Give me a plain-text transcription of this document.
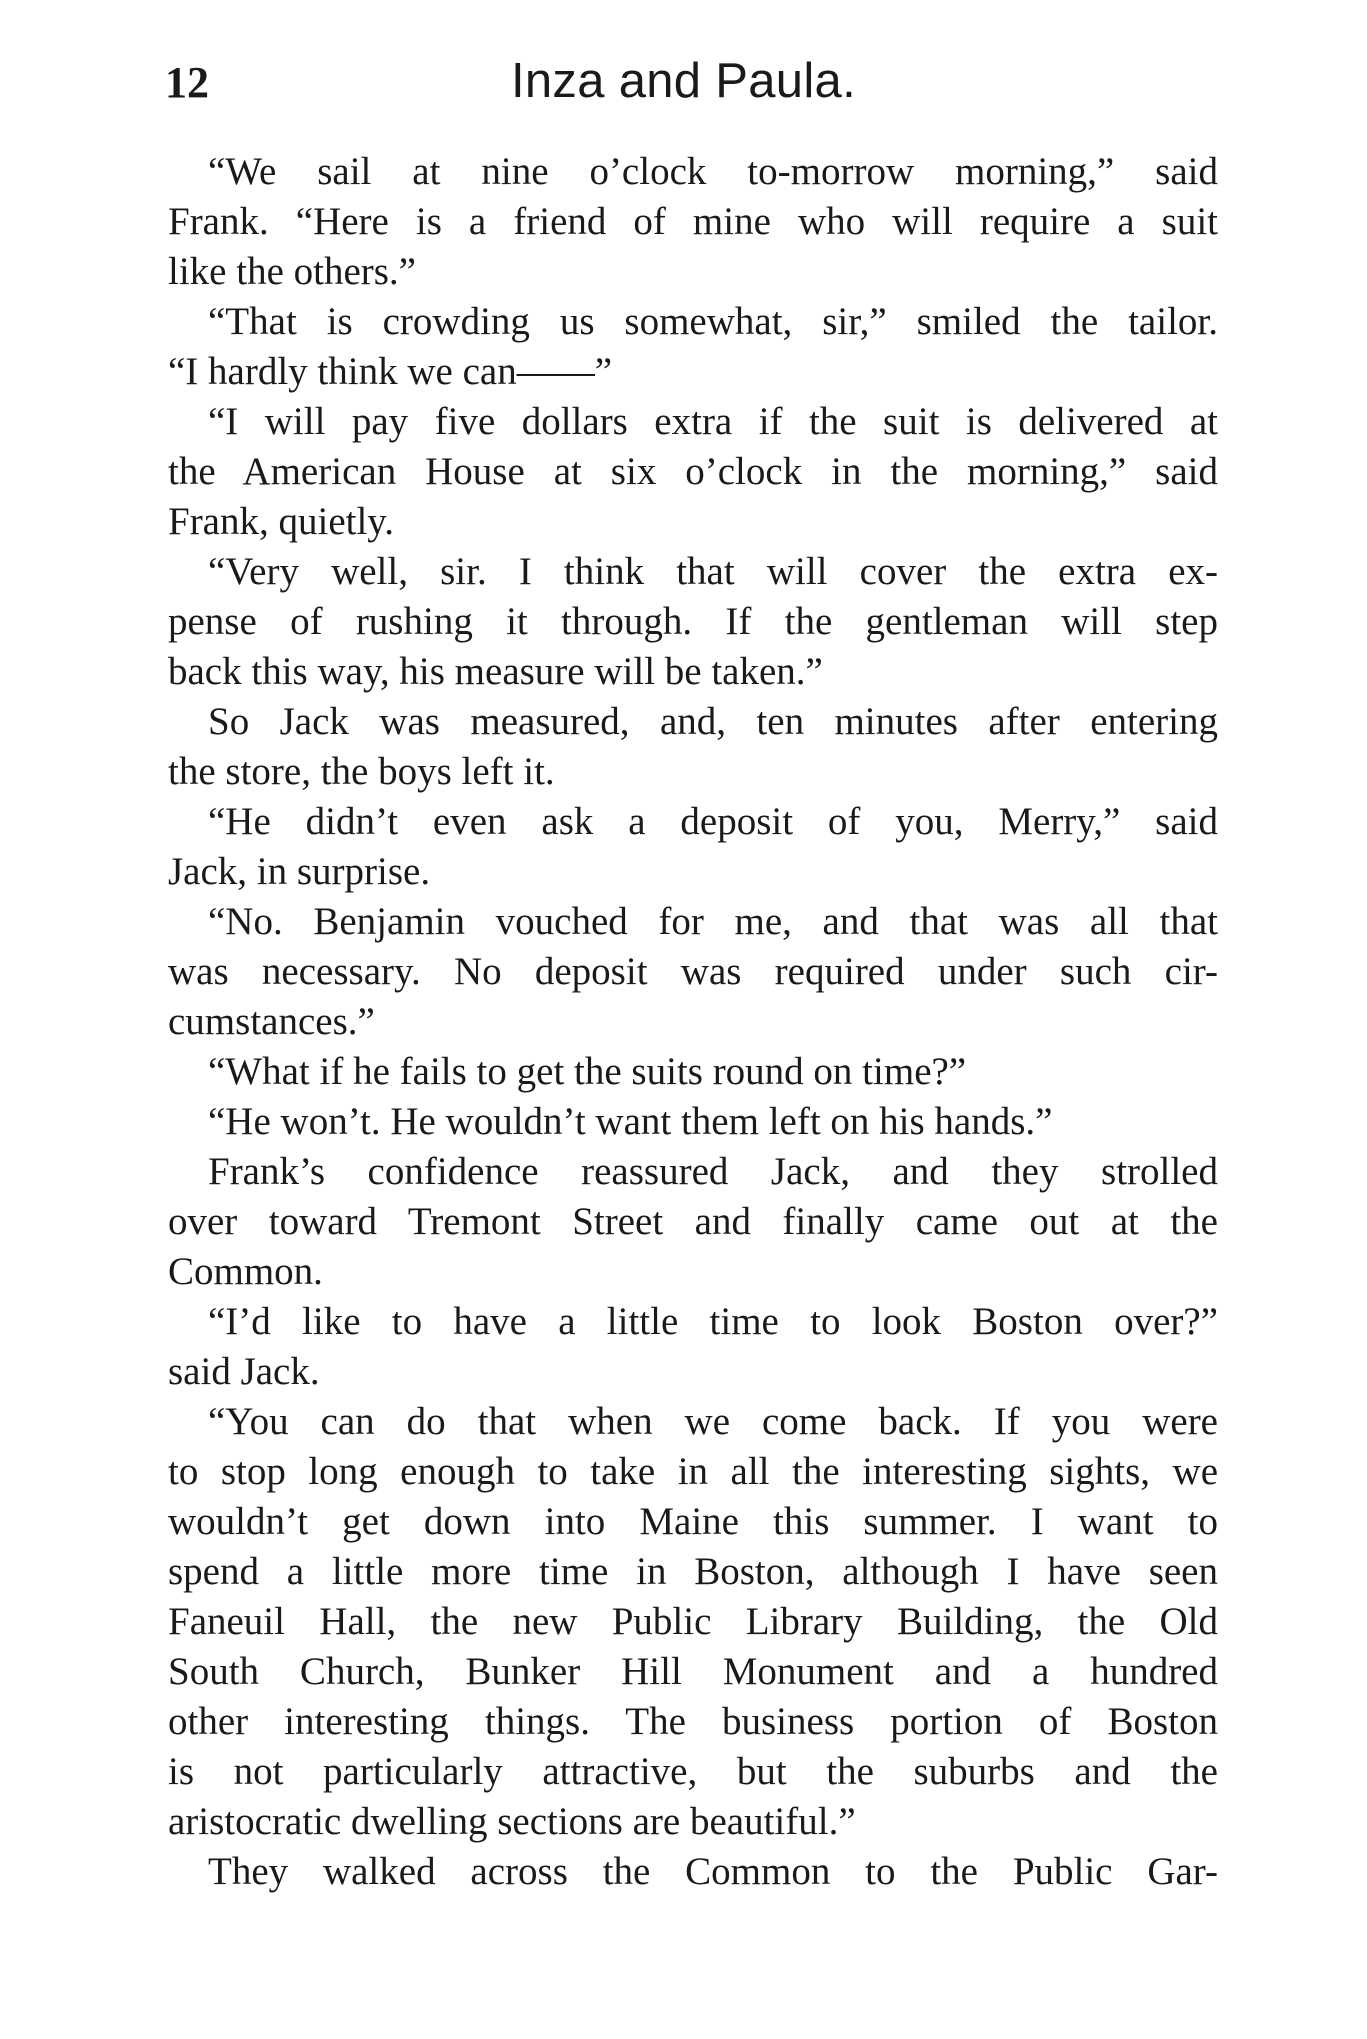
12	Inza and Paula.
“We sail at nine o’clock to-morrow morning,” said
Frank. “Here is a friend of mine who will require a suit
like the others.”
“That is crowding us somewhat, sir,” smiled the tailor.
“I hardly think we can——”
“I will pay five dollars extra if the suit is delivered at
the American House at six o’clock in the morning,” said
Frank, quietly.
“Very well, sir. I think that will cover the extra ex-
pense of rushing it through. If the gentleman will step
back this way, his measure will be taken.”
So Jack was measured, and, ten minutes after entering
the store, the boys left it.
“He didn’t even ask a deposit of you, Merry,” said
Jack, in surprise.
“No. Benjamin vouched for me, and that was all that
was necessary. No deposit was required under such cir-
cumstances.”
“What if he fails to get the suits round on time?”
“He won’t. He wouldn’t want them left on his hands.”
Frank’s confidence reassured Jack, and they strolled
over toward Tremont Street and finally came out at the
Common.
“I’d like to have a little time to look Boston over?”
said Jack.
“You can do that when we come back. If you were
to stop long enough to take in all the interesting sights, we
wouldn’t get down into Maine this summer. I want to
spend a little more time in Boston, although I have seen
Faneuil Hall, the new Public Library Building, the Old
South Church, Bunker Hill Monument and a hundred
other interesting things. The business portion of Boston
is not particularly attractive, but the suburbs and the
aristocratic dwelling sections are beautiful.”
They walked across the Common to the Public Gar-
